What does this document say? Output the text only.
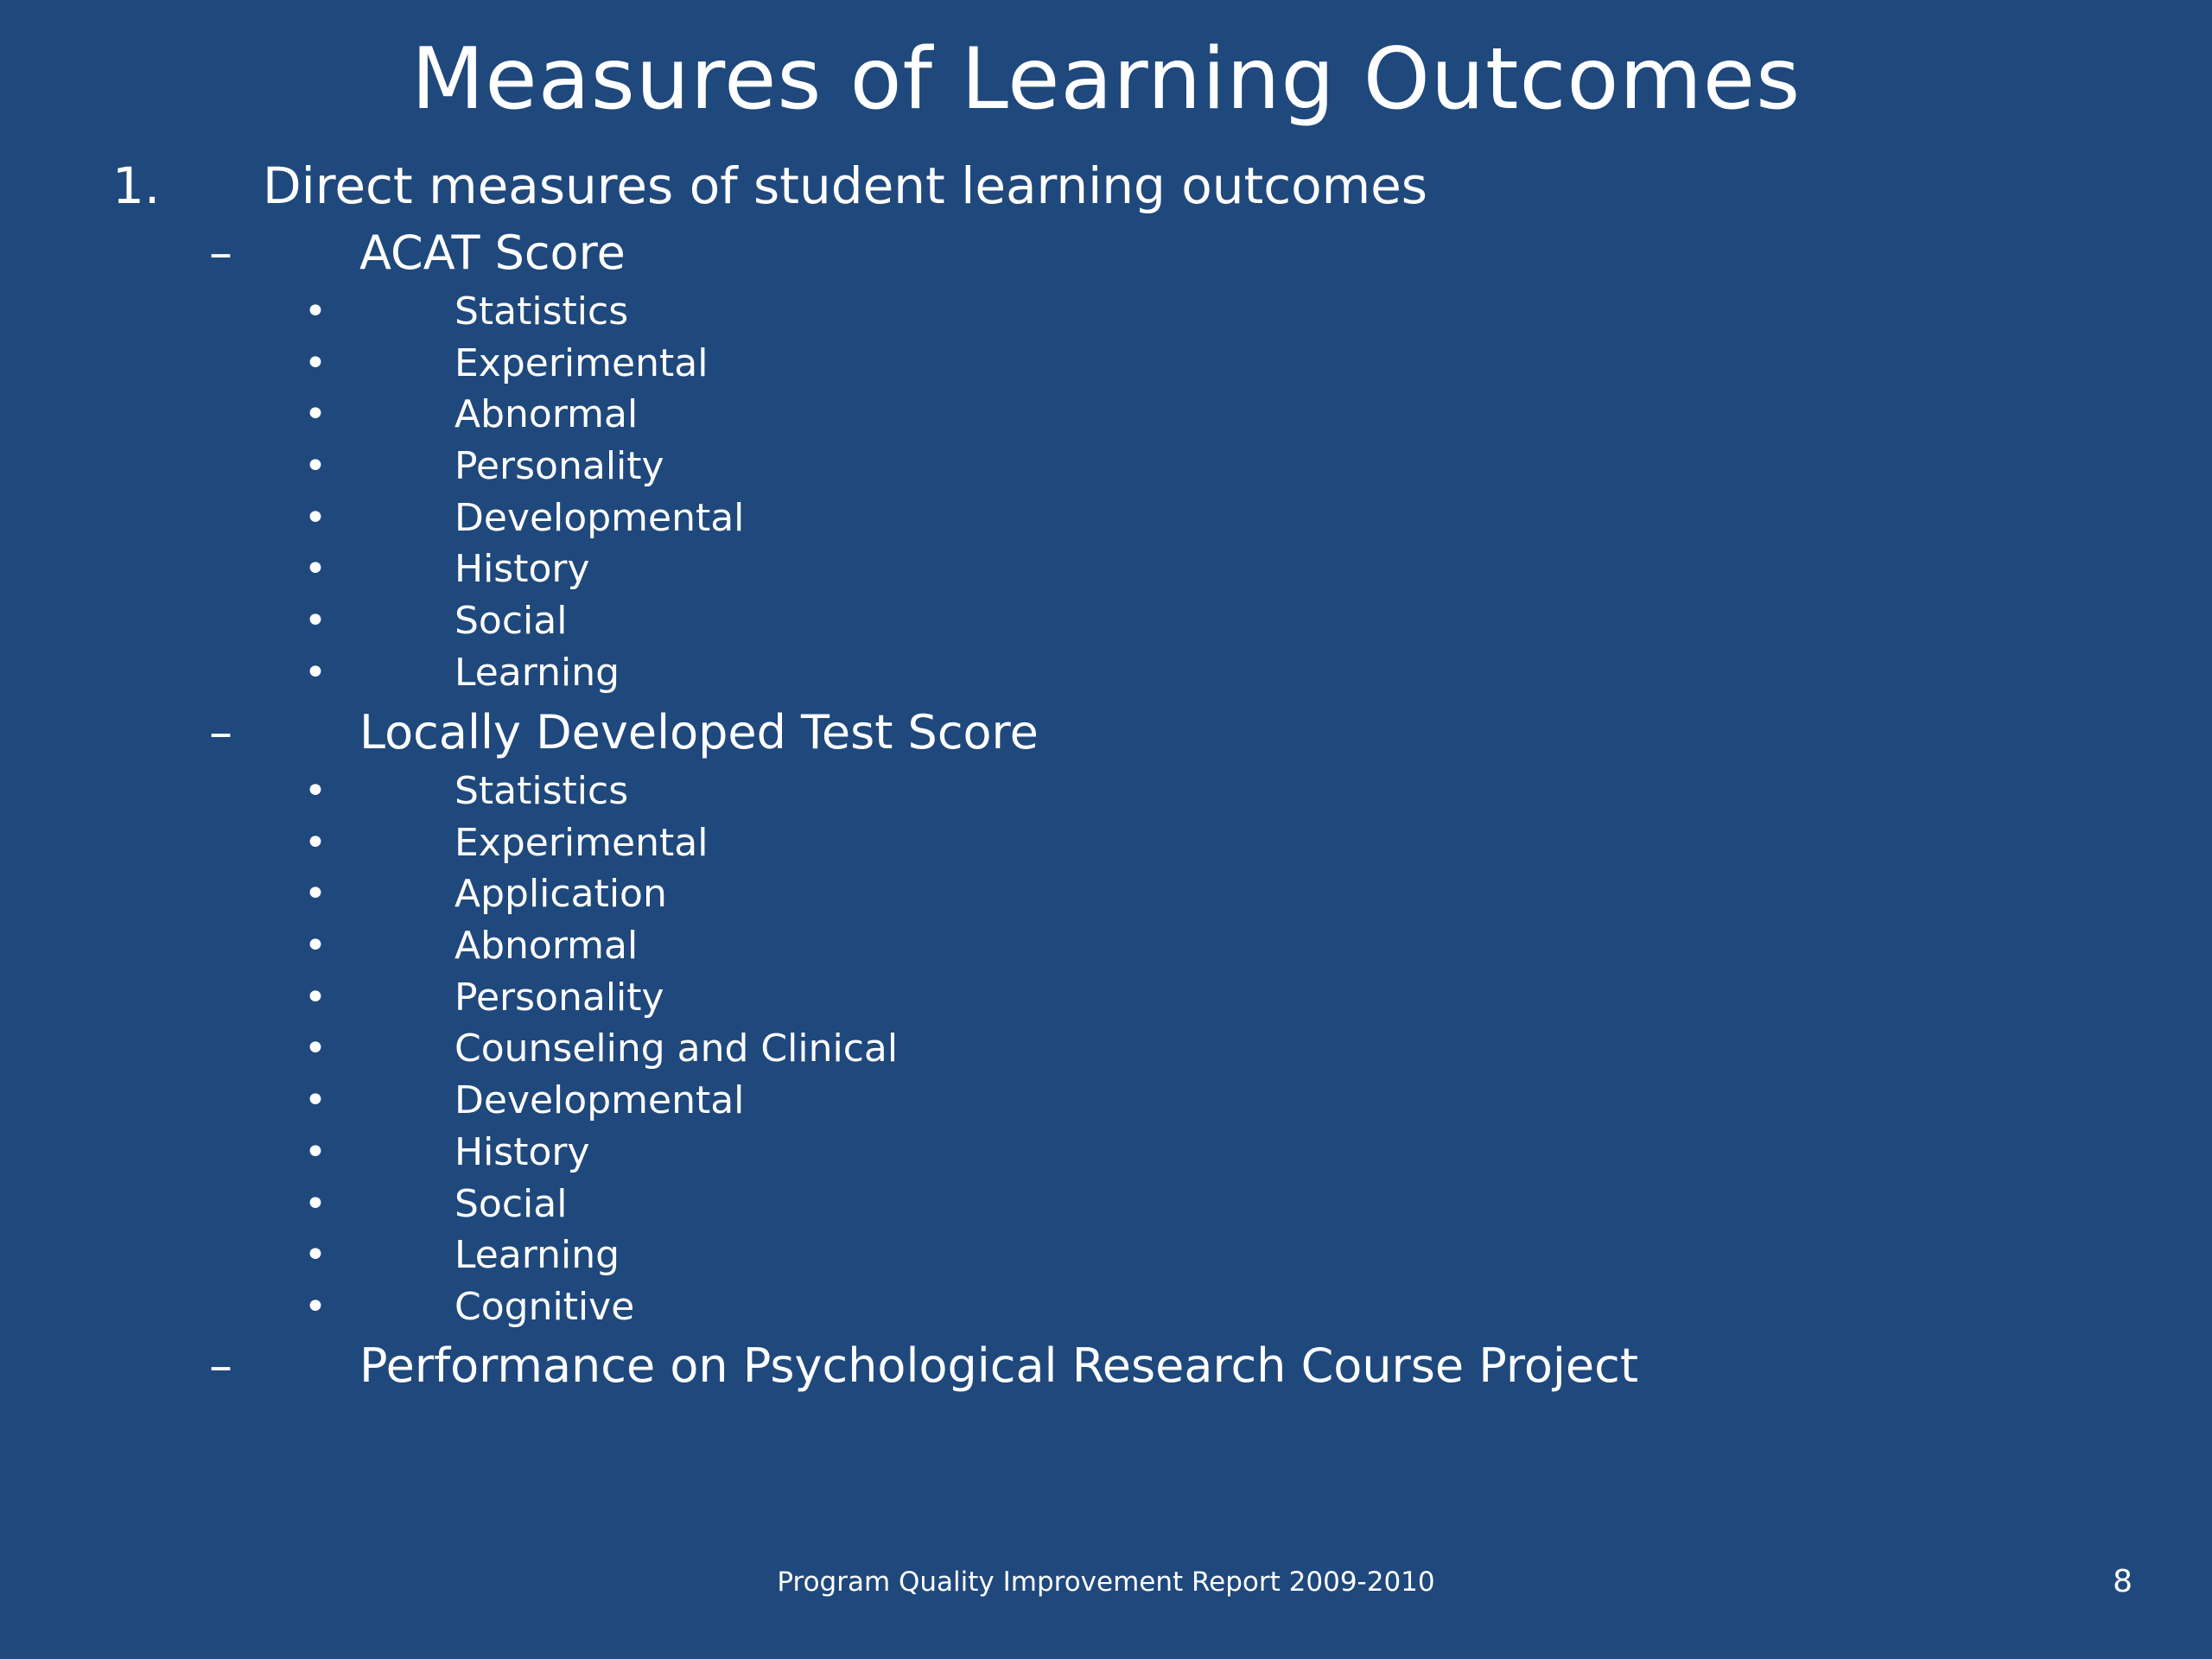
Measures of Learning Outcomes
1. Direct measures of student learning outcomes
–	ACAT Score
•	Statistics
•	Experimental
•	Abnormal
•	Personality
•	Developmental
•	History
•	Social
•	Learning
–	Locally Developed Test Score
•	Statistics
•	Experimental
•	Application
•	Abnormal
•	Personality
•	Counseling and Clinical
•	Developmental
•	History
•	Social
•	Learning
•	Cognitive
–	Performance on Psychological Research Course Project
Program Quality Improvement Report 2009-2010	8
